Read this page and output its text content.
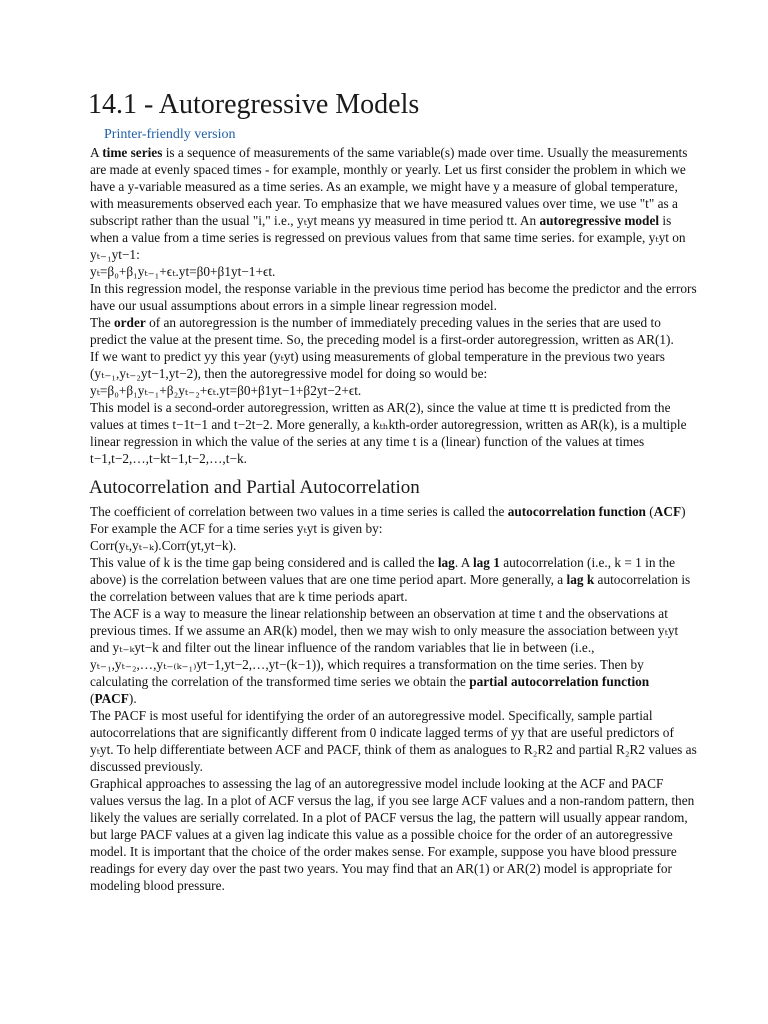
14.1 - Autoregressive Models
Printer-friendly version

A time series is a sequence of measurements of the same variable(s) made over time. Usually the measurements are made at evenly spaced times - for example, monthly or yearly. Let us first consider the problem in which we have a y-variable measured as a time series. As an example, we might have y a measure of global temperature, with measurements observed each year. To emphasize that we have measured values over time, we use "t" as a subscript rather than the usual "i," i.e., yₜyt means yy measured in time period tt. An autoregressive model is when a value from a time series is regressed on previous values from that same time series. for example, yₜyt on yₜ₋₁yt−1:

yₜ=β₀+β₁yₜ₋₁+ϵₜ.yt=β0+β1yt−1+ϵt.

In this regression model, the response variable in the previous time period has become the predictor and the errors have our usual assumptions about errors in a simple linear regression model.

The order of an autoregression is the number of immediately preceding values in the series that are used to predict the value at the present time. So, the preceding model is a first-order autoregression, written as AR(1).

If we want to predict yy this year (yₜyt) using measurements of global temperature in the previous two years (yₜ₋₁,yₜ₋₂yt−1,yt−2), then the autoregressive model for doing so would be:

yₜ=β₀+β₁yₜ₋₁+β₂yₜ₋₂+ϵₜ.yt=β0+β1yt−1+β2yt−2+ϵt.

This model is a second-order autoregression, written as AR(2), since the value at time tt is predicted from the values at times t−1t−1 and t−2t−2. More generally, a kₜₕkth-order autoregression, written as AR(k), is a multiple linear regression in which the value of the series at any time t is a (linear) function of the values at times t−1,t−2,…,t−kt−1,t−2,…,t−k.

Autocorrelation and Partial Autocorrelation

The coefficient of correlation between two values in a time series is called the autocorrelation function (ACF) For example the ACF for a time series yₜyt is given by:

Corr(yₜ,yₜ₋ₖ).Corr(yt,yt−k).

This value of k is the time gap being considered and is called the lag. A lag 1 autocorrelation (i.e., k = 1 in the above) is the correlation between values that are one time period apart. More generally, a lag k autocorrelation is the correlation between values that are k time periods apart.

The ACF is a way to measure the linear relationship between an observation at time t and the observations at previous times. If we assume an AR(k) model, then we may wish to only measure the association between yₜyt and yₜ₋ₖyt−k and filter out the linear influence of the random variables that lie in between (i.e., yₜ₋₁,yₜ₋₂,…,yₜ₋₍ₖ₋₁₎yt−1,yt−2,…,yt−(k−1)), which requires a transformation on the time series. Then by calculating the correlation of the transformed time series we obtain the partial autocorrelation function (PACF).

The PACF is most useful for identifying the order of an autoregressive model. Specifically, sample partial autocorrelations that are significantly different from 0 indicate lagged terms of yy that are useful predictors of yₜyt. To help differentiate between ACF and PACF, think of them as analogues to R₂R2 and partial R₂R2 values as discussed previously.

Graphical approaches to assessing the lag of an autoregressive model include looking at the ACF and PACF values versus the lag. In a plot of ACF versus the lag, if you see large ACF values and a non-random pattern, then likely the values are serially correlated. In a plot of PACF versus the lag, the pattern will usually appear random, but large PACF values at a given lag indicate this value as a possible choice for the order of an autoregressive model. It is important that the choice of the order makes sense. For example, suppose you have blood pressure readings for every day over the past two years. You may find that an AR(1) or AR(2) model is appropriate for modeling blood pressure.
